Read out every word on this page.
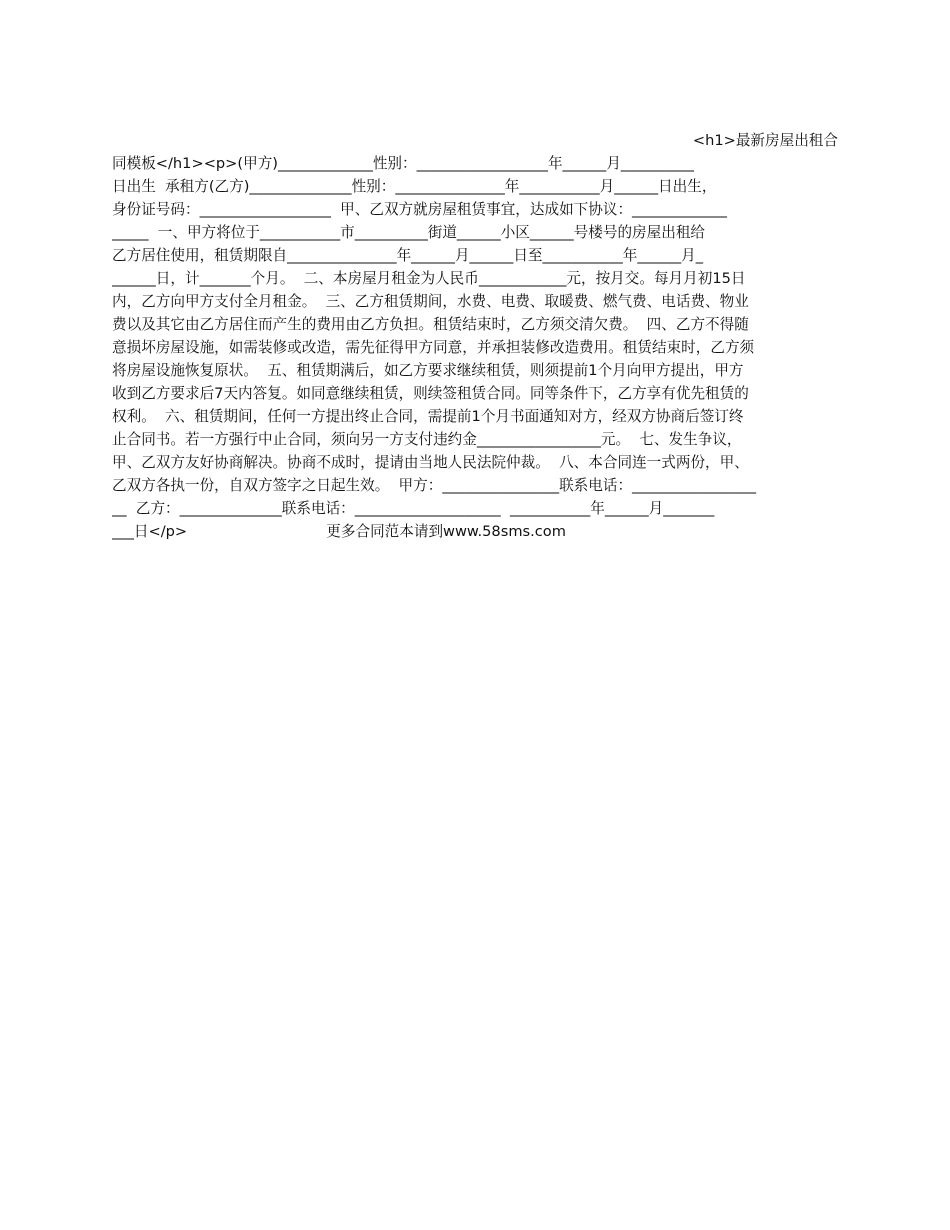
<h1>最新房屋出租合
同模板</h1><p>(甲方)_____________性别：__________________年______月__________
日出生  承租方(乙方)______________性别：_______________年___________月______日出生，
身份证号码：__________________  甲、乙双方就房屋租赁事宜，达成如下协议：_____________
_____  一、甲方将位于___________市__________街道______小区______号楼号的房屋出租给
乙方居住使用，租赁期限自_______________年______月______日至___________年______月_
______日，计_______个月。  二、本房屋月租金为人民币____________元，按月交。每月月初15日
内，乙方向甲方支付全月租金。  三、乙方租赁期间，水费、电费、取暖费、燃气费、电话费、物业
费以及其它由乙方居住而产生的费用由乙方负担。租赁结束时，乙方须交清欠费。  四、乙方不得随
意损坏房屋设施，如需装修或改造，需先征得甲方同意，并承担装修改造费用。租赁结束时，乙方须
将房屋设施恢复原状。  五、租赁期满后，如乙方要求继续租赁，则须提前1个月向甲方提出，甲方
收到乙方要求后7天内答复。如同意继续租赁，则续签租赁合同。同等条件下，乙方享有优先租赁的
权利。  六、租赁期间，任何一方提出终止合同，需提前1个月书面通知对方，经双方协商后签订终
止合同书。若一方强行中止合同，须向另一方支付违约金_________________元。  七、发生争议，
甲、乙双方友好协商解决。协商不成时，提请由当地人民法院仲裁。  八、本合同连一式两份，甲、
乙双方各执一份，自双方签字之日起生效。  甲方：________________联系电话：_________________
__  乙方：______________联系电话：____________________  ___________年______月_______
___日</p>                              更多合同范本请到www.58sms.com
